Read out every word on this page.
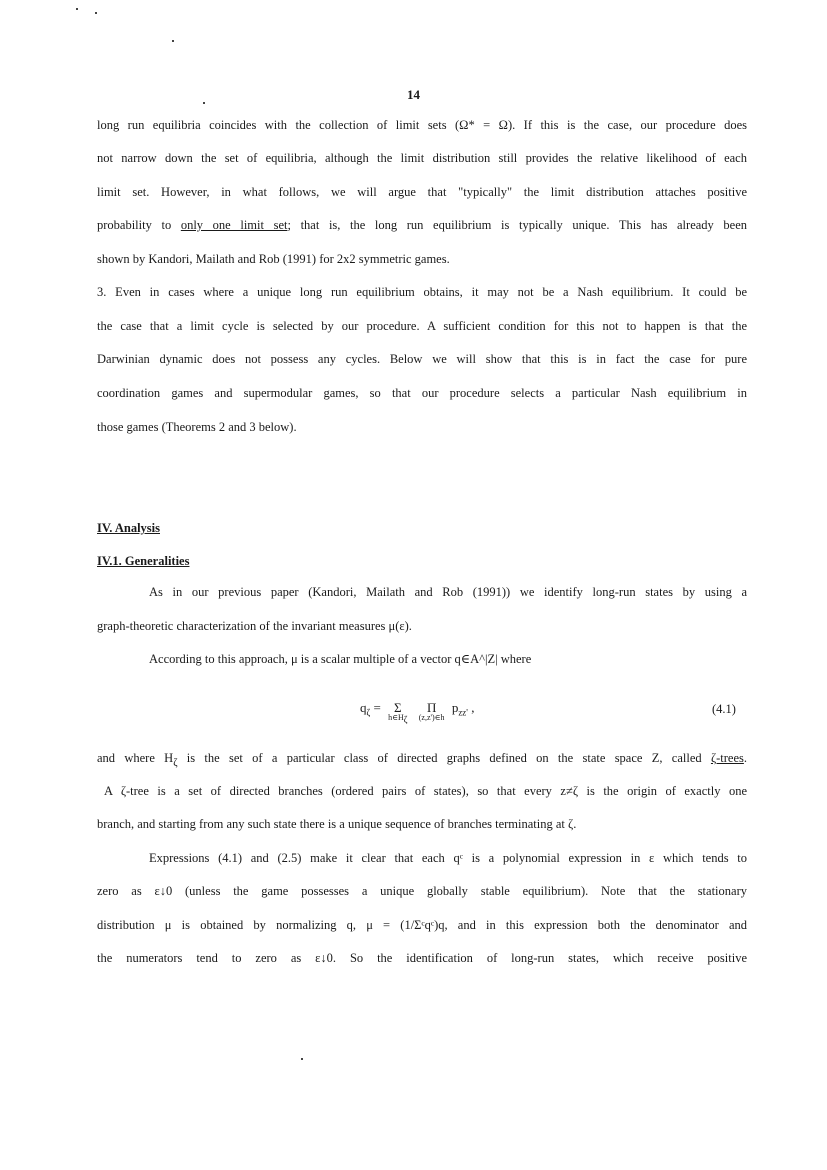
14
long run equilibria coincides with the collection of limit sets (Ω* = Ω). If this is the case, our procedure does
not narrow down the set of equilibria, although the limit distribution still provides the relative likelihood of each
limit set. However, in what follows, we will argue that "typically" the limit distribution attaches positive
probability to only one limit set; that is, the long run equilibrium is typically unique. This has already been
shown by Kandori, Mailath and Rob (1991) for 2x2 symmetric games.
3. Even in cases where a unique long run equilibrium obtains, it may not be a Nash equilibrium. It could be
the case that a limit cycle is selected by our procedure. A sufficient condition for this not to happen is that the
Darwinian dynamic does not possess any cycles. Below we will show that this is in fact the case for pure
coordination games and supermodular games, so that our procedure selects a particular Nash equilibrium in
those games (Theorems 2 and 3 below).
IV. Analysis
IV.1. Generalities
As in our previous paper (Kandori, Mailath and Rob (1991)) we identify long-run states by using a
graph-theoretic characterization of the invariant measures μ(ε).
According to this approach, μ is a scalar multiple of a vector q∈A^|Z| where
$q_\zeta = \Sigma$
$h\in H_\zeta$

Π
(z,z')∈h
$p_{zz'}$ ,	(4.1)
and where $H_\zeta$ is the set of a particular class of directed graphs defined on the state space Z, called ζ-trees.
A ζ-tree is a set of directed branches (ordered pairs of states), so that every z≠ζ is the origin of exactly one
branch, and starting from any such state there is a unique sequence of branches terminating at ζ.
Expressions (4.1) and (2.5) make it clear that each qᶜ is a polynomial expression in ε which tends to
zero as ε↓0 (unless the game possesses a unique globally stable equilibrium). Note that the stationary
distribution μ is obtained by normalizing q, μ = (1/Σᶜqᶜ)q, and in this expression both the denominator and
the numerators tend to zero as ε↓0. So the identification of long-run states, which receive positive
